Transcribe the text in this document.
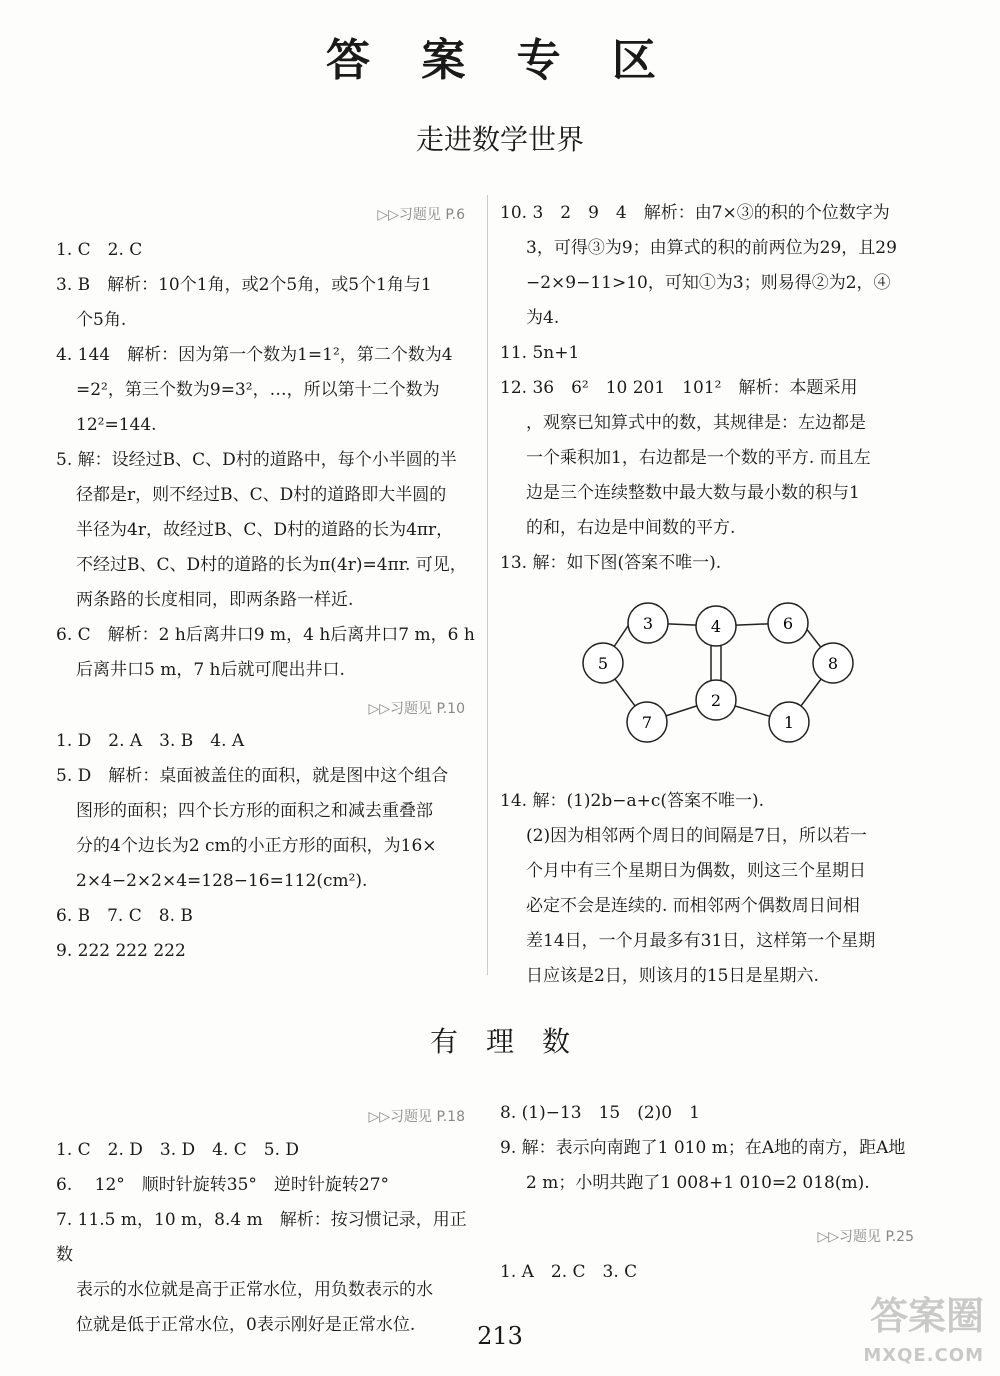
答 案 专 区
走进数学世界
▷▷习题见 P.6

1. C　2. C

3. B　解析：10个1角，或2个5角，或5个1角与1

个5角.

4. 144　解析：因为第一个数为1=1²，第二个数为4

=2²，第三个数为9=3²，…，所以第十二个数为

12²=144.

5. 解：设经过B、C、D村的道路中，每个小半圆的半

径都是r，则不经过B、C、D村的道路即大半圆的

半径为4r，故经过B、C、D村的道路的长为4πr，

不经过B、C、D村的道路的长为π(4r)=4πr. 可见，

两条路的长度相同，即两条路一样近.

6. C　解析：2 h后离井口9 m，4 h后离井口7 m，6 h

后离井口5 m，7 h后就可爬出井口.

▷▷习题见 P.10

1. D　2. A　3. B　4. A

5. D　解析：桌面被盖住的面积，就是图中这个组合

图形的面积；四个长方形的面积之和减去重叠部

分的4个边长为2 cm的小正方形的面积，为16×

2×4−2×2×4=128−16=112(cm²).

6. B　7. C　8. B

9. 222 222 222

10. 3　2　9　4　解析：由7×③的积的个位数字为

3，可得③为9；由算式的积的前两位为29，且29

−2×9−11>10，可知①为3；则易得②为2，④

为4.

11. 5n+1

12. 36　6²　10 201　101²　解析：本题采用

，观察已知算式中的数，其规律是：左边都是

一个乘积加1，右边都是一个数的平方. 而且左

边是三个连续整数中最大数与最小数的积与1

的和，右边是中间数的平方.

13. 解：如下图(答案不唯一).

3	4	6
5	8
2
7	1

14. 解：(1)2b−a+c(答案不唯一).

(2)因为相邻两个周日的间隔是7日，所以若一

个月中有三个星期日为偶数，则这三个星期日

必定不会是连续的. 而相邻两个偶数周日间相

差14日，一个月最多有31日，这样第一个星期

日应该是2日，则该月的15日是星期六.

有　理　数
▷▷习题见 P.18

1. C　2. D　3. D　4. C　5. D

6. 　12°　顺时针旋转35°　逆时针旋转27°

7. 11.5 m，10 m，8.4 m　解析：按习惯记录，用正数

表示的水位就是高于正常水位，用负数表示的水

位就是低于正常水位，0表示刚好是正常水位.

8. (1)−13　15　(2)0　1

9. 解：表示向南跑了1 010 m；在A地的南方，距A地

2 m；小明共跑了1 008+1 010=2 018(m).

▷▷习题见 P.25

1. A　2. C　3. C

213	答案圈
MXQE.COM
